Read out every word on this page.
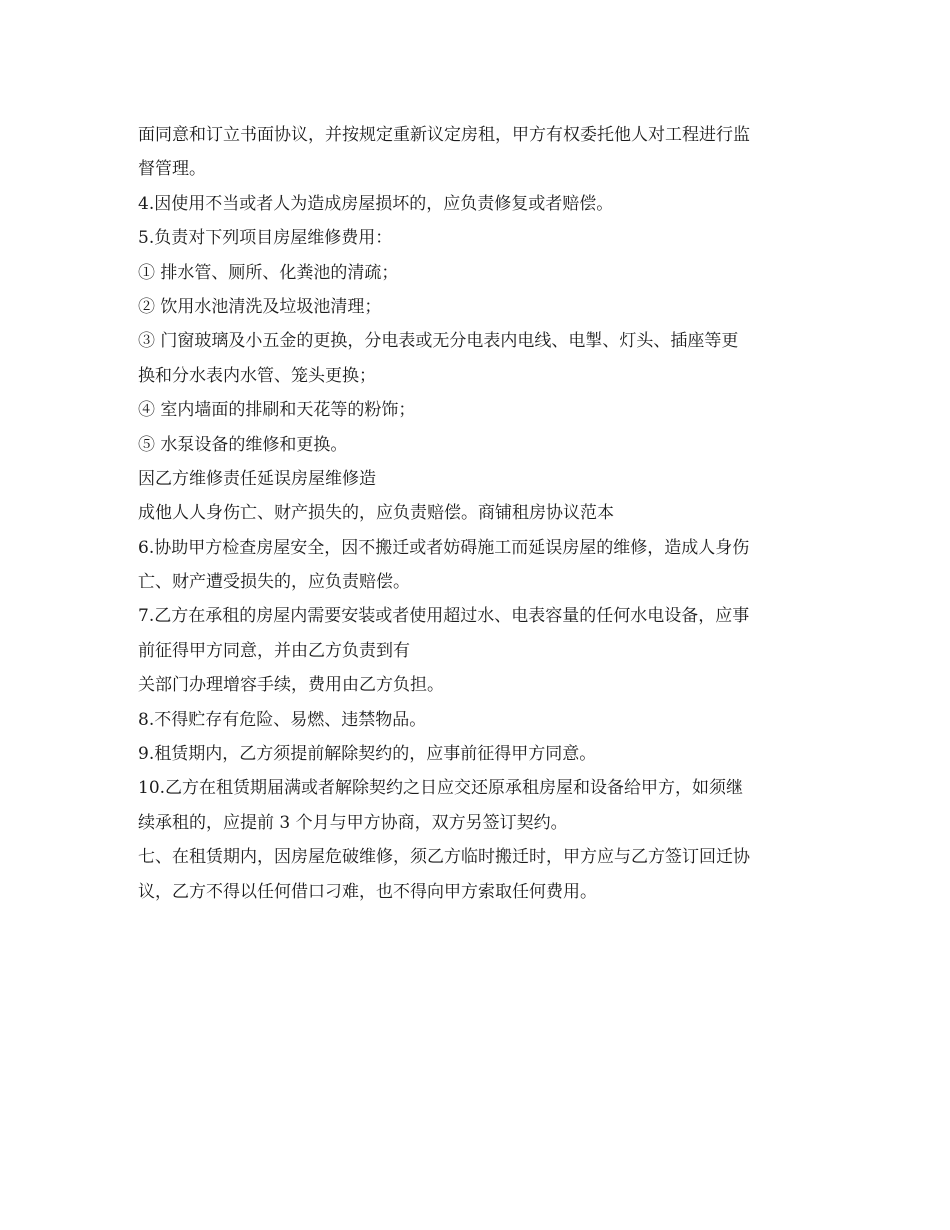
面同意和订立书面协议，并按规定重新议定房租，甲方有权委托他人对工程进行监
督管理。
4.因使用不当或者人为造成房屋损坏的，应负责修复或者赔偿。
5.负责对下列项目房屋维修费用：
① 排水管、厕所、化粪池的清疏；
② 饮用水池清洗及垃圾池清理；
③ 门窗玻璃及小五金的更换，分电表或无分电表内电线、电掣、灯头、插座等更
换和分水表内水管、笼头更换；
④ 室内墙面的排刷和天花等的粉饰；
⑤ 水泵设备的维修和更换。
因乙方维修责任延误房屋维修造
成他人人身伤亡、财产损失的，应负责赔偿。商铺租房协议范本
6.协助甲方检查房屋安全，因不搬迁或者妨碍施工而延误房屋的维修，造成人身伤
亡、财产遭受损失的，应负责赔偿。
7.乙方在承租的房屋内需要安装或者使用超过水、电表容量的任何水电设备，应事
前征得甲方同意，并由乙方负责到有
关部门办理增容手续，费用由乙方负担。
8.不得贮存有危险、易燃、违禁物品。
9.租赁期内，乙方须提前解除契约的，应事前征得甲方同意。
10.乙方在租赁期届满或者解除契约之日应交还原承租房屋和设备给甲方，如须继
续承租的，应提前 3 个月与甲方协商，双方另签订契约。
七、在租赁期内，因房屋危破维修，须乙方临时搬迁时，甲方应与乙方签订回迁协
议，乙方不得以任何借口刁难，也不得向甲方索取任何费用。
